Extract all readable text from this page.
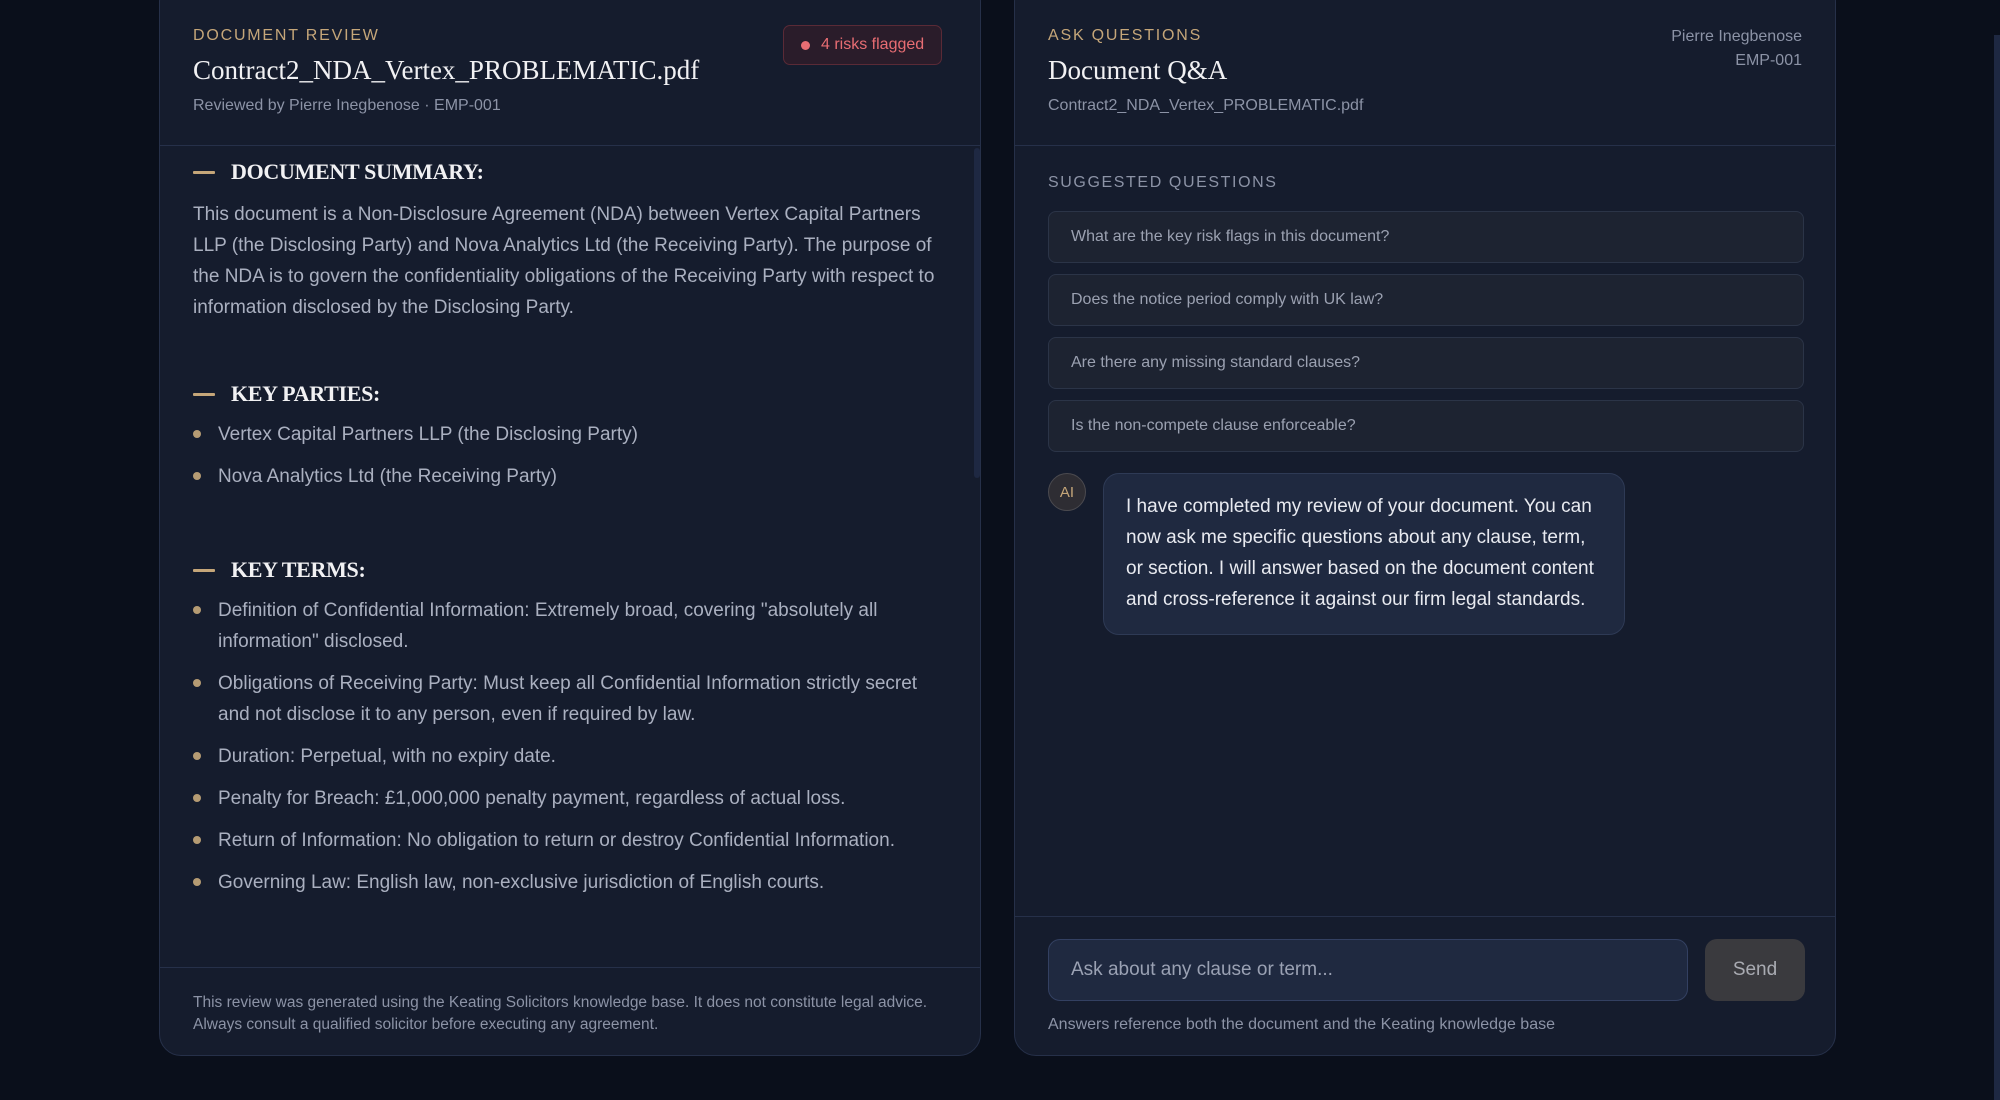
DOCUMENT REVIEW
Contract2_NDA_Vertex_PROBLEMATIC.pdf
Reviewed by Pierre Inegbenose · EMP-001
4 risks flagged
DOCUMENT SUMMARY:

This document is a Non-Disclosure Agreement (NDA) between Vertex Capital Partners LLP (the Disclosing Party) and Nova Analytics Ltd (the Receiving Party). The purpose of the NDA is to govern the confidentiality obligations of the Receiving Party with respect to information disclosed by the Disclosing Party.

KEY PARTIES:
Vertex Capital Partners LLP (the Disclosing Party)
Nova Analytics Ltd (the Receiving Party)
KEY TERMS:
Definition of Confidential Information: Extremely broad, covering "absolutely all information" disclosed.
Obligations of Receiving Party: Must keep all Confidential Information strictly secret and not disclose it to any person, even if required by law.
Duration: Perpetual, with no expiry date.
Penalty for Breach: £1,000,000 penalty payment, regardless of actual loss.
Return of Information: No obligation to return or destroy Confidential Information.
Governing Law: English law, non-exclusive jurisdiction of English courts.
This review was generated using the Keating Solicitors knowledge base. It does not constitute legal advice. Always consult a qualified solicitor before executing any agreement.
ASK QUESTIONS
Document Q&A
Contract2_NDA_Vertex_PROBLEMATIC.pdf
Pierre Inegbenose
EMP-001
SUGGESTED QUESTIONS
What are the key risk flags in this document?
Does the notice period comply with UK law?
Are there any missing standard clauses?
Is the non-compete clause enforceable?
AI
I have completed my review of your document. You can now ask me specific questions about any clause, term, or section. I will answer based on the document content and cross-reference it against our firm legal standards.
Ask about any clause or term...
Send
Answers reference both the document and the Keating knowledge base
